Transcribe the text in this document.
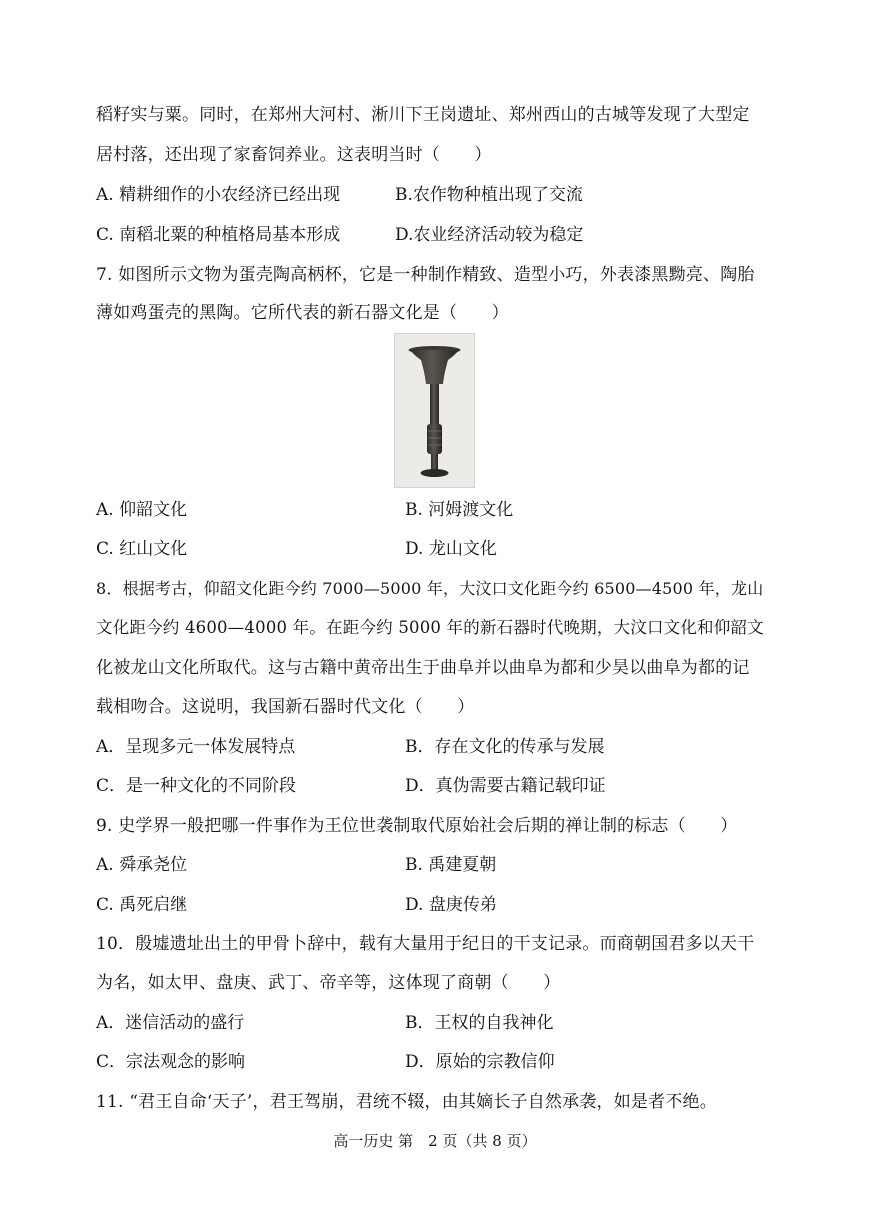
稻籽实与粟。同时，在郑州大河村、淅川下王岗遗址、郑州西山的古城等发现了大型定
居村落，还出现了家畜饲养业。这表明当时（　　）
A. 精耕细作的小农经济已经出现	B.农作物种植出现了交流
C. 南稻北粟的种植格局基本形成	D.农业经济活动较为稳定
7. 如图所示文物为蛋壳陶高柄杯，它是一种制作精致、造型小巧，外表漆黑黝亮、陶胎
薄如鸡蛋壳的黑陶。它所代表的新石器文化是（　　）
A. 仰韶文化	B. 河姆渡文化
C. 红山文化	D. 龙山文化
8．根据考古，仰韶文化距今约 7000—5000 年，大汶口文化距今约 6500—4500 年，龙山
文化距今约 4600—4000 年。在距今约 5000 年的新石器时代晚期，大汶口文化和仰韶文
化被龙山文化所取代。这与古籍中黄帝出生于曲阜并以曲阜为都和少昊以曲阜为都的记
载相吻合。这说明，我国新石器时代文化（　　）
A．呈现多元一体发展特点	B．存在文化的传承与发展
C．是一种文化的不同阶段	D．真伪需要古籍记载印证
9. 史学界一般把哪一件事作为王位世袭制取代原始社会后期的禅让制的标志（　　）
A. 舜承尧位	B. 禹建夏朝
C. 禹死启继	D. 盘庚传弟
10．殷墟遗址出土的甲骨卜辞中，载有大量用于纪日的干支记录。而商朝国君多以天干
为名，如太甲、盘庚、武丁、帝辛等，这体现了商朝（　　）
A．迷信活动的盛行	B．王权的自我神化
C．宗法观念的影响	D．原始的宗教信仰
11. “君王自命‘天子’，君王驾崩，君统不辍，由其嫡长子自然承袭，如是者不绝。
高一历史 第　2 页（共 8 页）
